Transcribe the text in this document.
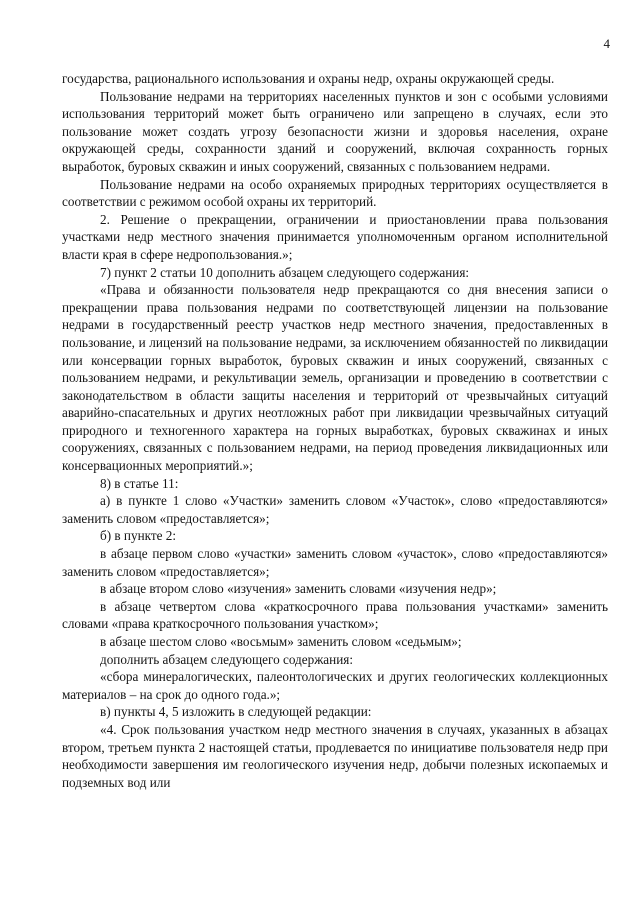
4

государства, рационального использования и охраны недр, охраны окружающей среды.

Пользование недрами на территориях населенных пунктов и зон с особыми условиями использования территорий может быть ограничено или запрещено в случаях, если это пользование может создать угрозу безопасности жизни и здоровья населения, охране окружающей среды, сохранности зданий и сооружений, включая сохранность горных выработок, буровых скважин и иных сооружений, связанных с пользованием недрами.

Пользование недрами на особо охраняемых природных территориях осуществляется в соответствии с режимом особой охраны их территорий.

2. Решение о прекращении, ограничении и приостановлении права пользования участками недр местного значения принимается уполномоченным органом исполнительной власти края в сфере недропользования.»;

7) пункт 2 статьи 10 дополнить абзацем следующего содержания:

«Права и обязанности пользователя недр прекращаются со дня внесения записи о прекращении права пользования недрами по соответствующей лицензии на пользование недрами в государственный реестр участков недр местного значения, предоставленных в пользование, и лицензий на пользование недрами, за исключением обязанностей по ликвидации или консервации горных выработок, буровых скважин и иных сооружений, связанных с пользованием недрами, и рекультивации земель, организации и проведению в соответствии с законодательством в области защиты населения и территорий от чрезвычайных ситуаций аварийно-спасательных и других неотложных работ при ликвидации чрезвычайных ситуаций природного и техногенного характера на горных выработках, буровых скважинах и иных сооружениях, связанных с пользованием недрами, на период проведения ликвидационных или консервационных мероприятий.»;

8) в статье 11:

а) в пункте 1 слово «Участки» заменить словом «Участок», слово «предоставляются» заменить словом «предоставляется»;

б) в пункте 2:

в абзаце первом слово «участки» заменить словом «участок», слово «предоставляются» заменить словом «предоставляется»;

в абзаце втором слово «изучения» заменить словами «изучения недр»;

в абзаце четвертом слова «краткосрочного права пользования участками» заменить словами «права краткосрочного пользования участком»;

в абзаце шестом слово «восьмым» заменить словом «седьмым»;

дополнить абзацем следующего содержания:

«сбора минералогических, палеонтологических и других геологических коллекционных материалов – на срок до одного года.»;

в) пункты 4, 5 изложить в следующей редакции:

«4. Срок пользования участком недр местного значения в случаях, указанных в абзацах втором, третьем пункта 2 настоящей статьи, продлевается по инициативе пользователя недр при необходимости завершения им геологического изучения недр, добычи полезных ископаемых и подземных вод или
